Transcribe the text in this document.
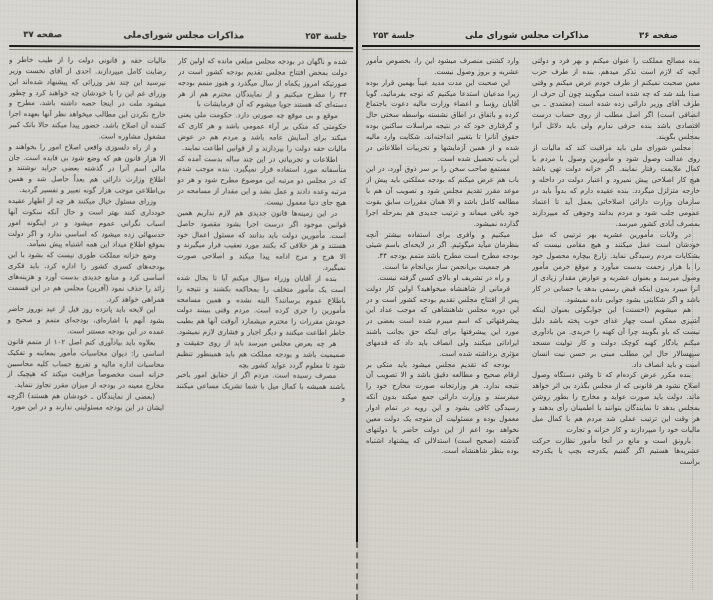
صفحه ۳۷	مذاکرات مجلس شورای‌ملی	جلسة ۲۵۳

شده و ناگهان در بودجه مجلس مبلغی مانده که اولین کار دولت بمحض افتتاح مجلس تقدیم بودجه کشور است در صورتیکه امروز یکماه از سال میگذرد و هنوز متمم بودجه ۴۴ را مطرح میکنیم و از نمایندگان محترم هم از هر دسته‌ای که هستند جویا میشوم که آن فرمایشات با

موقع و بی موقع چه صورتی دارد. حکومت ملی یعنی حکومتی که متکی بر آراء عمومی باشد و هر کاری که میکند برای آسایش عامه باشد و مردم هم در عوض مالیات حقه دولت را بپردازند و از قوانین اطاعت نمایند.

اطلاعات و تجربیاتی در این چند ساله بدست آمده که متأسفانه مورد استفاده قرار نمیگیرد. بنده موجب شدم که در مجلس دو مرتبه این موضوع مطرح شود و هر دو مرتبه وعده دادند و عمل نشد و این مقدار از مسامحه در هیچ جای دنیا معمول نیست.

در این زمینه‌ها قانون جدیدی هم لازم نداریم همین قوانین موجود اگر درست اجرا بشود مقصود حاصل است. مأمورین دولت باید بدانند که مسئول اعمال خود هستند و هر خلافی که بکنند مورد تعقیب قرار میگیرند و الا هرج و مرج ادامه پیدا میکند و اصلاحی صورت نمیگیرد.

بنده از آقایان وزراء سؤال میکنم آیا تا بحال شده است یک مأمور متخلف را بمحاکمه بکشند و نتیجه را باطلاع عموم برسانند؟ البته نشده و همین مسامحه مأمورین را جری کرده است. مردم وقتی ببینند دولت خودش مقررات را محترم میشمارد آنوقت آنها هم بطیب خاطر اطاعت میکنند و دیگر اجبار و فشاری لازم نمیشود.

هر چه بعرض مجلس میرسد باید از روی حقیقت و صمیمیت باشد و بودجه مملکت هم باید همینطور تنظیم شود تا معلوم گردد عواید کشور بچه

مصرف رسیده است. مردم اگر از حقایق امور باخبر باشند همیشه با کمال میل با شما تشریک مساعی میکنند و

مالیات حقه و قانونی دولت را از طیب خاطر و رضایت کامل میپردازند. احدی از آقای نخست وزیر نپرسید این چند نفر وزرائی که پیشنهاد شده‌اند این وزرای غم این را با خودشان چه خواهند کرد و چطور میشود ملت در اینجا حصه داشته باشد، مطرح و خارج نکردن این مطالب میخواهد نظر آنها بعهده اجرا کننده آن اصلاح باشد، حضور پیدا میکند حالا بانک کبیر مشغول مشاوره است.

و از راه دلسوزی واقعی اصلاح امور را بخواهند و الا هزار قانون هم که وضع شود بی فایده است. جان مالی اسم آنرا در گذشته بعضی جراید نوشتند و اطلاع وزارت دارائی هم بعداً حاصل شد و همین بی‌اطلاعی موجب هزار گونه تعبیر و تفسیر گردید.

وزرای مسئول خیال میکنند هر چه از اظهار عقیده خودداری کنند بهتر است و حال آنکه سکوت آنها اسباب نگرانی عموم میشود و در اینگونه امور حدسهائی زده میشود که اساسی ندارد و اگر دولت بموقع اطلاع میداد این همه اشتباه پیش نمیآمد.

وضع خزانه مملکت طوری نیست که بشود با این بودجه‌های کسری کشور را اداره کرد، باید فکری اساسی کرد و منابع جدیدی بدست آورد و هزینه‌های زائد را حذف نمود (آفرین) مجلس هم در این قسمت همراهی خواهد کرد.

این لایحه باید پانزده روز قبل از عید نوروز حاضر بشود آنهم با اشاره‌ای، بودجه‌ای متمم و صحیح و عمده در این بودجه مستتر است.

بعلاوه باید بیادآوری کنم اصل ۱۰۲ از متمم قانون اساسی را: دیوان محاسبات مأمور بمعاینه و تفکیک محاسبات اداره مالیه و تفریغ حساب کلیه محاسبین خزانه است مخصوصاً مراقبت میکند که هیچیک از مخارج معینه در بودجه از میزان مقرر تجاوز ننماید.

(بعضی از نمایندگان ـ خودشان هم هستند) اگرچه ایشان در این بودجه مسئولیتی ندارند و در این مورد

جلسة ۲۵۳	مذاکرات مجلس شورای ملی	صفحه ۳۶

بنده مصالح مملکت را عنوان میکنم و بهر فرد و دولتی آنچه که لازم است تذکر میدهم. بنده از طرف حزب معین صحبت نمیکنم از طرف خودم عرض میکنم و وقتی صدا بلند شد که چه شده است میگویند چون آن حرف از طرف آقای وزیر دارائی زده شده است (معتمدی ـ بی انصافی است) اگر اصل مطلب از روی حساب درست اقتصادی باشد بنده حرفی ندارم ولی باید دلائل آنرا بمجلس بگویند.

مجلس شورای ملی باید مراقبت کند که مالیات از روی عدالت وصول شود و مأمورین وصول با مردم با کمال ملایمت رفتار نمایند. اگر خزانه دولت تهی باشد هیچ کار اصلاحی پیش نمیرود و اعتبار دولت در داخله و خارجه متزلزل میگردد. بنده عقیده دارم که بدواً باید در سازمان وزارت دارائی اصلاحاتی بعمل آید تا اعتماد عمومی جلب شود و مردم بدانند وجوهی که میپردازند بمصرف آبادی کشور میرسد.

در ولایات مأمورین عشریه بهر ترتیبی که میل خودشان است عمل میکنند و هیچ مقامی نیست که بشکایات مردم رسیدگی نماید. زارع بیچاره محصول خود را با هزار زحمت بدست میآورد و موقع خرمن مأمور وصول میرسد و بعنوان عشریه و عوارض مقدار زیادی از آنرا میبرد بدون اینکه قبض رسمی بدهد یا حسابی در کار باشد و اگر شکایتی بشود جوابی داده نمیشود.

هم میشویم (احسنت) این جوابگوئی بعنوان اینکه آشپزی ممکن است چهار غذای خوب پخته باشد دلیل نیست که باو بگویند چرا آن کهنه را خریدی. من یادآوری میکنم یادگار کهنه کوچک دولت و کار تولیت مسجد سپهسالار حال این مطلب مبنی بر حسن نیت انسان است و باید انصاف داد.

بنده مکرر عرض کرده‌ام که تا وقتی دستگاه وصول اصلاح نشود هر قانونی که از مجلس بگذرد بی اثر خواهد ماند. دولت باید صورت عواید و مخارج را بطور روشن بمجلس بدهد تا نمایندگان بتوانند با اطمینان رأی بدهند و هر وقت این ترتیب عملی شد مردم هم با کمال میل مالیات خود را میپردازند و کار خزانه و تجارت

بارونق است و مانع در آنجا مأمور نظارت حرکت عشریه‌ها هستیم اگر گفتیم یکدرجه بچپ یا یکدرجه براست

وارد کشتی منصرف میشود این را، بخصوص مأمور عشریه و بروز وصول نیست.

این صحبت این مدت مدید عیناً بهمین قرار بوده زیرا مدعیان استدعا میکنیم که توجه بفرمائید، گویا آقایان رؤسا و اعضاء وزارت مالیه دعوت باجتماع کرده و باتفاق در اطاق نشسته بواسطه سختی حال و گرفتاری خود که در نتیجه مراسلات ساکنین بوده حقوق آنانرا تا بتغییر انداخته‌اند، شکایت وارد مالیه شده و از همین آزمایشها و تجربیات اطلاعاتی در این باب تحصیل شده است.

مستمع صاحب سخن را بر سر ذوق آورد، در این باب هم عرض میکنم که بودجه مملکتی باید پیش از موعد مقرر تقدیم مجلس شود و تصویب آن هم با مطالعه کامل باشد و الا همان مقررات سابق بقوت خود باقی میماند و ترتیب جدیدی هم بمرحله اجرا گذارده نمیشود.

میکنیم و وافری برای استفاده بیشتر آنچه بنظرمان میآید میگوئیم. اگر در لایحه‌ای باسم شیئی بودجه مطرح است مطرح باشد متمم بودجه ۴۴.

هر جمعیت بی‌انجمن ساز بی‌انجام ما است.

و راه در تشریف او بالای کسی گرفته نیست.

فرمانی از شاهنشاه میخواهید؟ اولین کار دولت پس از افتتاح مجلس تقدیم بودجه کشور است و در این دوره مجلس شاهنشاهی که موجب عداد این پیشرفتهائی که اسم میبرم شده است بعضی در مورد این پیشرفتها برای اینکه حق بجانب باشند ایراداتی میکنند ولی انصاف باید داد که قدمهای مؤثری برداشته شده است.

بودجه که تقدیم مجلس میشود باید متکی بر ارقام صحیح و مطالعه دقیق باشد و الا تصویب آن نتیجه ندارد. هر وزارتخانه صورت مخارج خود را میفرستد و وزارت دارائی جمع میکند بدون آنکه رسیدگی کافی بشود و این رویه در تمام ادوار معمول بوده و مسئولیت آن متوجه یک دولت معین نخواهد بود اعم از این دولت حاضر یا دولتهای گذشته (صحیح است) استدلالی که پیشنهاد اشتباه بوده بنظر شاهنشاه است.
